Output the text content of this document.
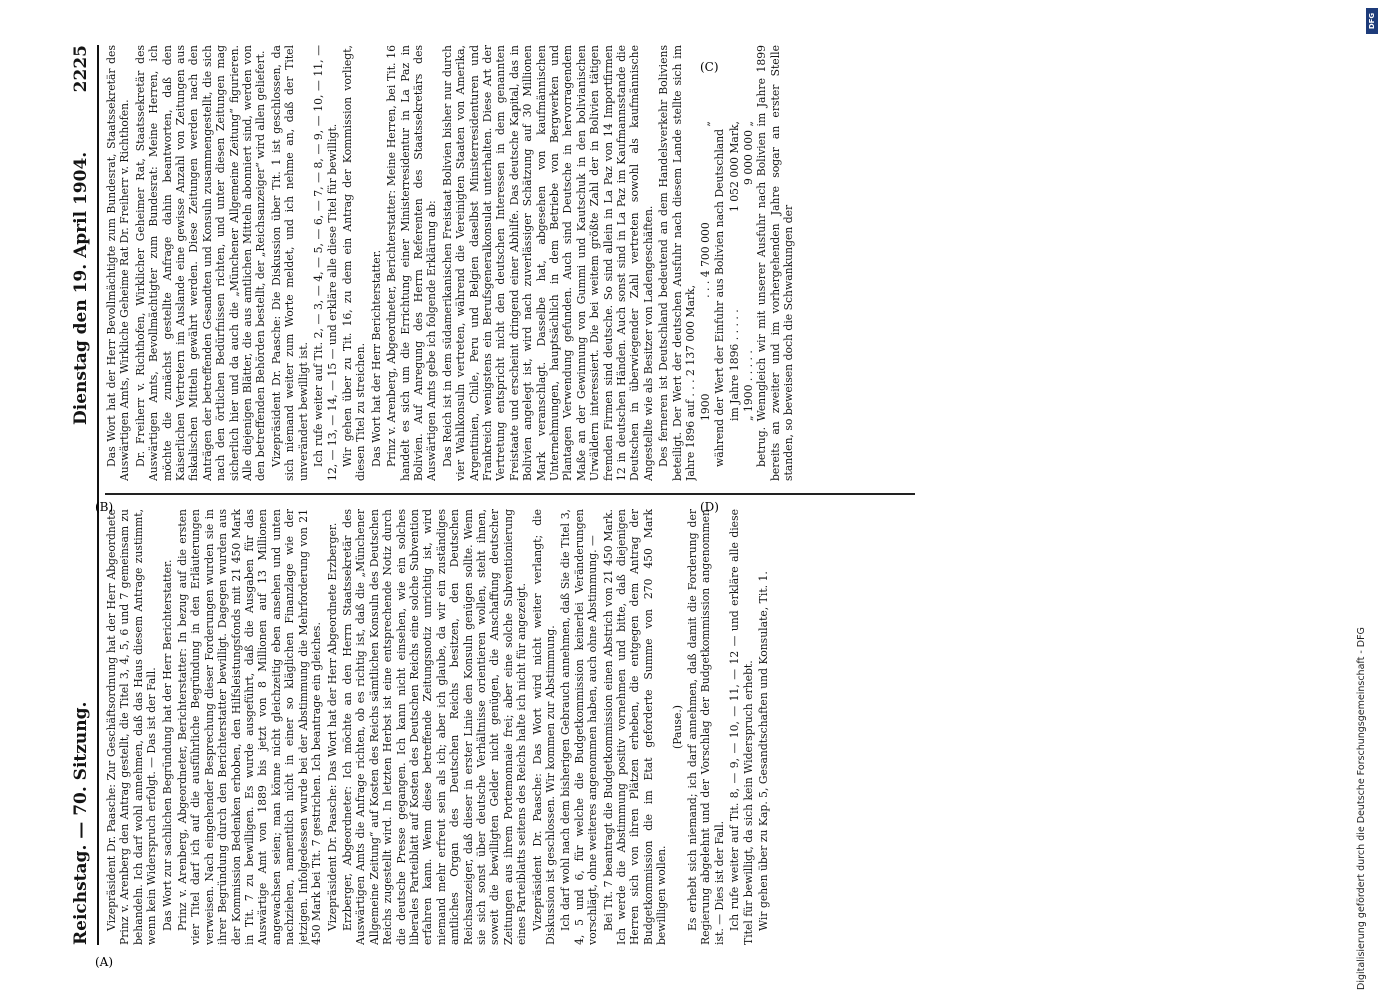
Reichstag. — 70. Sitzung.
Dienstag den 19. April 1904.
2225

Vizepräsident Dr. Paasche: Zur Geschäftsordnung hat der Herr Abgeordnete Prinz v. Arenberg den Antrag gestellt, die Titel 3, 4, 5, 6 und 7 gemeinsam zu behandeln. Ich darf wohl annehmen, daß das Haus diesem Antrage zustimmt, wenn kein Widerspruch erfolgt. — Das ist der Fall. Das Wort zur sachlichen Begründung hat der Herr Berichterstatter. Prinz v. Arenberg, Abgeordneter, Berichterstatter: In bezug auf die ersten vier Titel darf ich auf die ausführliche Begründung in den Erläuterungen verweisen. Nach eingehender Besprechung dieser Forderungen wurden sie in ihrer Begründung durch den Berichterstatter bewilligt. Dagegen wurden aus der Kommission Bedenken erhoben, den Hilfsleistungsfonds mit 21 450 Mark in Tit. 7 zu bewilligen. Es wurde ausgeführt, daß die Ausgaben für das Auswärtige Amt von 1889 bis jetzt von 8 Millionen auf 13 Millionen angewachsen seien; man könne nicht gleichzeitig eben ansehen und unten nachziehen, namentlich nicht in einer so kläglichen Finanzlage wie der jetzigen. Infolgedessen wurde bei der Abstimmung die Mehrforderung von 21 450 Mark bei Tit. 7 gestrichen. Ich beantrage ein gleiches. Vizepräsident Dr. Paasche: Das Wort hat der Herr Abgeordnete Erzberger. Erzberger, Abgeordneter: Ich möchte an den Herrn Staatssekretär des Auswärtigen Amts die Anfrage richten, ob es richtig ist, daß die „Münchener Allgemeine Zeitung“ auf Kosten des Reichs sämtlichen Konsuln des Deutschen Reichs zugestellt wird. In letzten Herbst ist eine entsprechende Notiz durch die deutsche Presse gegangen. Ich kann nicht einsehen, wie ein solches liberales Parteiblatt auf Kosten des Deutschen Reichs eine solche Subvention erfahren kann. Wenn diese betreffende Zeitungsnotiz unrichtig ist, wird niemand mehr erfreut sein als ich; aber ich glaube, da wir ein zuständiges amtliches Organ des Deutschen Reichs besitzen, den Deutschen Reichsanzeiger, daß dieser in erster Linie den Konsuln genügen sollte. Wenn sie sich sonst über deutsche Verhältnisse orientieren wollen, steht ihnen, soweit die bewilligten Gelder nicht genügen, die Anschaffung deutscher Zeitungen aus ihrem Portemonnaie frei; aber eine solche Subventionierung eines Parteiblatts seitens des Reichs halte ich nicht für angezeigt. Vizepräsident Dr. Paasche: Das Wort wird nicht weiter verlangt; die Diskussion ist geschlossen. Wir kommen zur Abstimmung. Ich darf wohl nach dem bisherigen Gebrauch annehmen, daß Sie die Titel 3, 4, 5 und 6, für welche die Budgetkommission keinerlei Veränderungen vorschlägt, ohne weiteres angenommen haben, auch ohne Abstimmung. — Bei Tit. 7 beantragt die Budgetkommission einen Abstrich von 21 450 Mark. Ich werde die Abstimmung positiv vornehmen und bitte, daß diejenigen Herren sich von ihren Plätzen erheben, die entgegen dem Antrag der Budgetkommission die im Etat geforderte Summe von 270 450 Mark bewilligen wollen.

(Pause.) Es erhebt sich niemand; ich darf annehmen, daß damit die Forderung der Regierung abgelehnt und der Vorschlag der Budgetkommission angenommen ist. — Dies ist der Fall. Ich rufe weiter auf Tit. 8, — 9, — 10, — 11, — 12 — und erkläre alle diese Titel für bewilligt, da sich kein Widerspruch erhebt. Wir gehen über zu Kap. 5, Gesandtschaften und Konsulate, Tit. 1.

Das Wort hat der Herr Bevollmächtigte zum Bundesrat, Staatssekretär des Auswärtigen Amts, Wirkliche Geheime Rat Dr. Freiherr v. Richthofen. Dr. Freiherr v. Richthofen, Wirklicher Geheimer Rat, Staatssekretär des Auswärtigen Amts, Bevollmächtigter zum Bundesrat: Meine Herren, ich möchte die zunächst gestellte Anfrage dahin beantworten, daß den Kaiserlichen Vertretern im Auslande eine gewisse Anzahl von Zeitungen aus fiskalischen Mitteln gewährt werden. Diese Zeitungen werden nach den Anträgen der betreffenden Gesandten und Konsuln zusammengestellt, die sich nach den örtlichen Bedürfnissen richten, und unter diesen Zeitungen mag sicherlich hier und da auch die „Münchener Allgemeine Zeitung“ figurieren. Alle diejenigen Blätter, die aus amtlichen Mitteln abonniert sind, werden von den betreffenden Behörden bestellt, der „Reichsanzeiger“ wird allen geliefert. Vizepräsident Dr. Paasche: Die Diskussion über Tit. 1 ist geschlossen, da sich niemand weiter zum Worte meldet, und ich nehme an, daß der Titel unverändert bewilligt ist. Ich rufe weiter auf Tit. 2, — 3, — 4, — 5, — 6, — 7, — 8, — 9, — 10, — 11, — 12, — 13, — 14, — 15 — und erkläre alle diese Titel für bewilligt. Wir gehen über zu Tit. 16, zu dem ein Antrag der Kommission vorliegt, diesen Titel zu streichen. Das Wort hat der Herr Berichterstatter. Prinz v. Arenberg, Abgeordneter, Berichterstatter: Meine Herren, bei Tit. 16 handelt es sich um die Errichtung einer Ministerresidentur in La Paz in Bolivien. Auf Anregung des Herrn Referenten des Staatssekretärs des Auswärtigen Amts gebe ich folgende Erklärung ab: Das Reich ist in dem südamerikanischen Freistaat Bolivien bisher nur durch vier Wahlkonsuln vertreten, während die Vereinigten Staaten von Amerika, Argentinien, Chile, Peru und Belgien daselbst Ministerresidenturen und Frankreich wenigstens ein Berufsgeneralkonsulat unterhalten. Diese Art der Vertretung entspricht nicht den deutschen Interessen in dem genannten Freistaate und erscheint dringend einer Abhilfe. Das deutsche Kapital, das in Bolivien angelegt ist, wird nach zuverlässiger Schätzung auf 30 Millionen Mark veranschlagt. Dasselbe hat, abgesehen von kaufmännischen Unternehmungen, hauptsächlich in dem Betriebe von Bergwerken und Plantagen Verwendung gefunden. Auch sind Deutsche in hervorragendem Maße an der Gewinnung von Gummi und Kautschuk in den bolivianischen Urwäldern interessiert. Die bei weitem größte Zahl der in Bolivien tätigen fremden Firmen sind deutsche. So sind allein in La Paz von 14 Importfirmen 12 in deutschen Händen. Auch sonst sind in La Paz im Kaufmannsstande die Deutschen in überwiegender Zahl vertreten sowohl als kaufmännische Angestellte wie als Besitzer von Ladengeschäften. Des ferneren ist Deutschland bedeutend an dem Handelsverkehr Boliviens beteiligt. Der Wert der deutschen Ausfuhr nach diesem Lande stellte sich im Jahre 1896 auf . . . 2 137 000 Mark, 1900
. . . 4 700 000
„

während der Wert der Einfuhr aus Bolivien nach Deutschland im Jahre 1896 . . . . .
1 052 000 Mark,
„ 1900 . . . . .
9 000 000 „ betrug. Wenngleich wir mit unserer Ausfuhr nach Bolivien im Jahre 1899 bereits an zweiter und im vorhergehenden Jahre sogar an erster Stelle standen, so beweisen doch die Schwankungen der

(A)
(B)
(C)
(D)
Digitalisierung gefördert durch die Deutsche Forschungsgemeinschaft - DFG
DFG
